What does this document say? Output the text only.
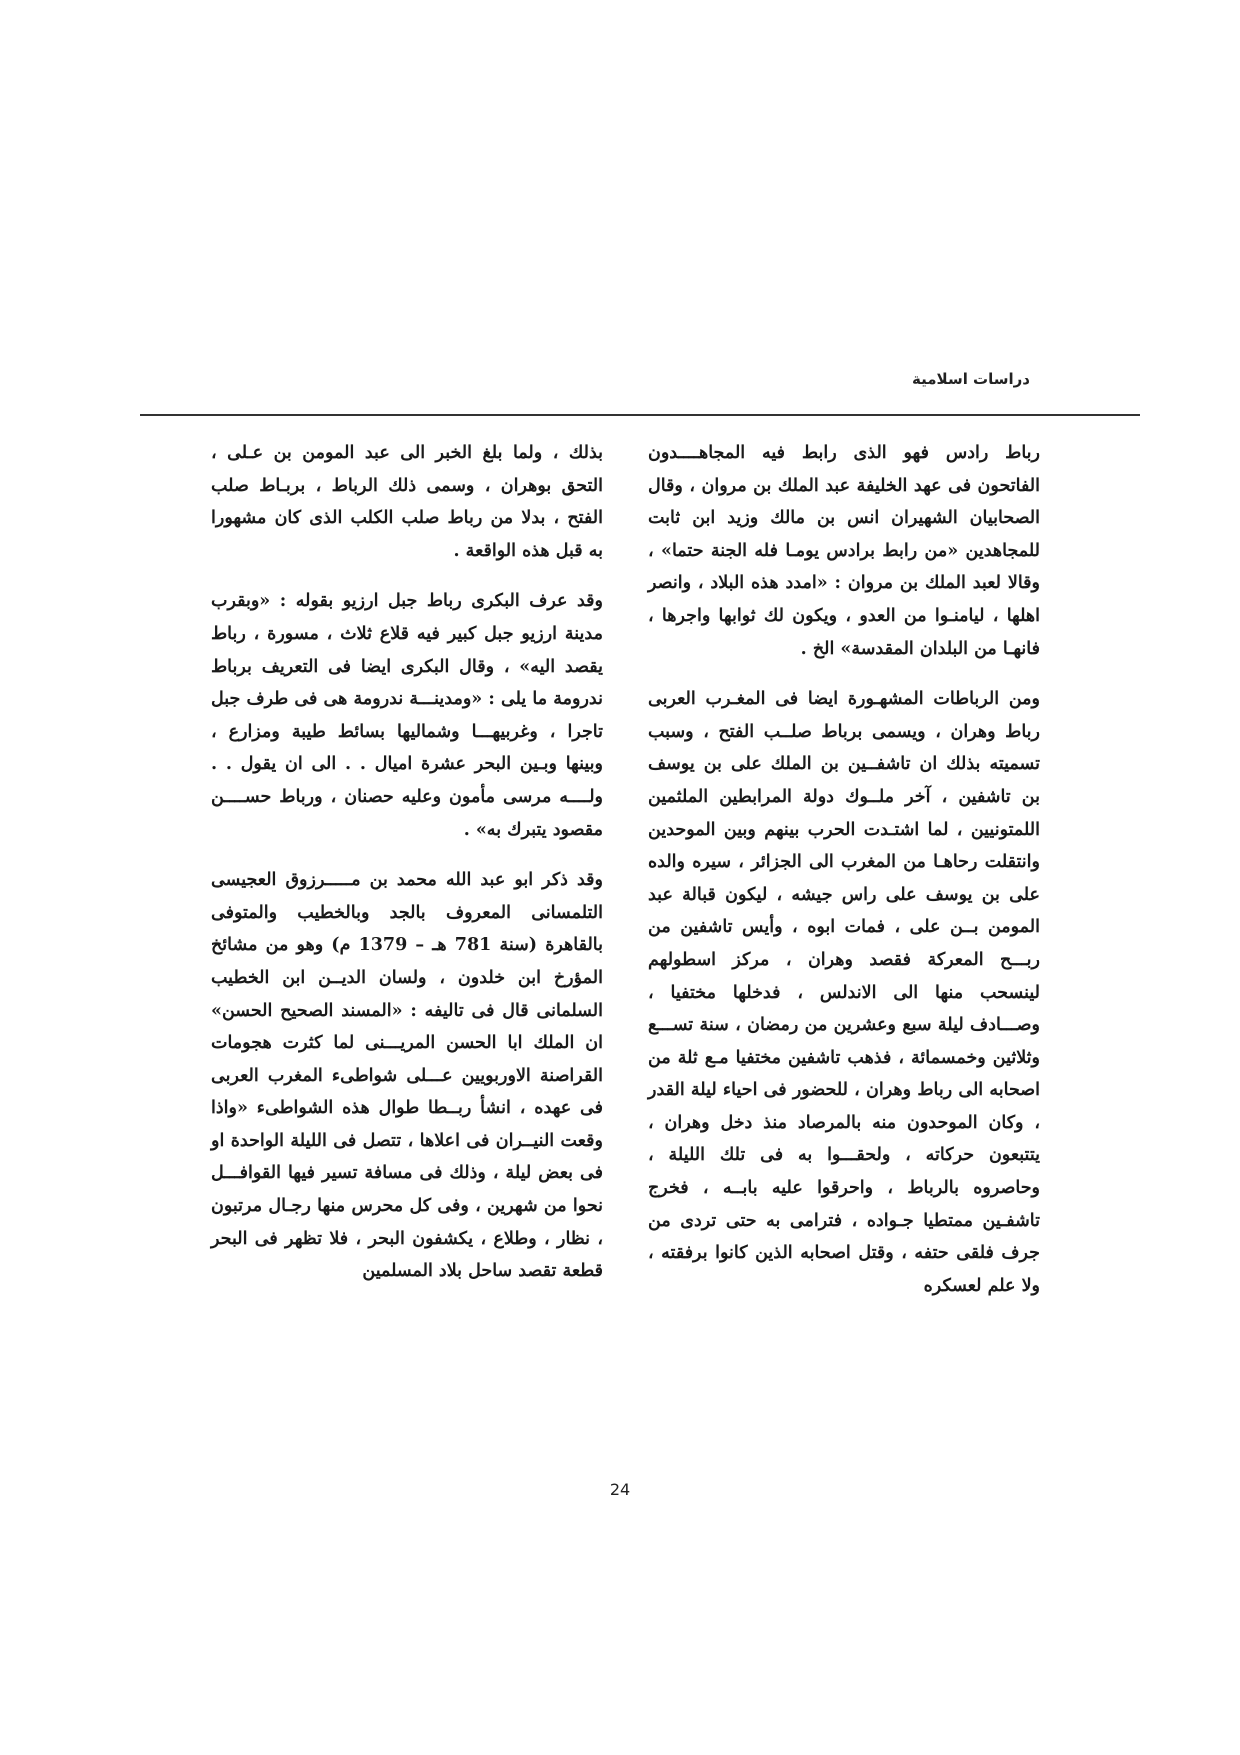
دراسات اسلامية

رباط رادس فهو الذى رابط فيه المجاهــــدون الفاتحون فى عهد الخليفة عبد الملك بن مروان ، وقال الصحابيان الشهيران انس بن مالك وزيد ابن ثابت للمجاهدين «من رابط برادس يومـا فله الجنة حتما» ، وقالا لعبد الملك بن مروان : «امدد هذه البلاد ، وانصر اهلها ، ليامنـوا من العدو ، ويكون لك ثوابها واجرها ، فانهـا من البلدان المقدسة» الخ .

ومن الرباطات المشهـورة ايضا فى المغـرب العربى رباط وهران ، ويسمى برباط صلــب الفتح ، وسبب تسميته بذلك ان تاشفــين بن الملك على بن يوسف بن تاشفين ، آخر ملــوك دولة المرابطين الملثمين اللمتونيين ، لما اشتـدت الحرب بينهم وبين الموحدين وانتقلت رحاهـا من المغرب الى الجزائر ، سيره والده على بن يوسف على راس جيشه ، ليكون قبالة عبد المومن بــن على ، فمات ابوه ، وأيس تاشفين من ربـــح المعركة فقصد وهران ، مركز اسطولهم لينسحب منها الى الاندلس ، فدخلها مختفيا ، وصـــادف ليلة سبع وعشرين من رمضان ، سنة تســـع وثلاثين وخمسمائة ، فذهب تاشفين مختفيا مـع ثلة من اصحابه الى رباط وهران ، للحضور فى احياء ليلة القدر ، وكان الموحدون منه بالمرصاد منذ دخل وهران ، يتتبعون حركاته ، ولحقـــوا به فى تلك الليلة ، وحاصروه بالرباط ، واحرقوا عليه بابــه ، فخرج تاشفـين ممتطيا جـواده ، فترامى به حتى تردى من جرف فلقى حتفه ، وقتل اصحابه الذين كانوا برفقته ، ولا علم لعسكره

بذلك ، ولما بلغ الخبر الى عبد المومن بن عـلى ، التحق بوهران ، وسمى ذلك الرباط ، بربـاط صلب الفتح ، بدلا من رباط صلب الكلب الذى كان مشهورا به قبل هذه الواقعة .

وقد عرف البكرى رباط جبل ارزيو بقوله : «وبقرب مدينة ارزيو جبل كبير فيه قلاع ثلاث ، مسورة ، رباط يقصد اليه» ، وقال البكرى ايضا فى التعريف برباط ندرومة ما يلى : «ومدينـــة ندرومة هى فى طرف جبل تاجرا ، وغربيهـــا وشماليها بسائط طيبة ومزارع ، وبينها وبـين البحر عشرة اميال . . الى ان يقول . . ولــــه مرسى مأمون وعليه حصنان ، ورباط حســــن مقصود يتبرك به» .

وقد ذكر ابو عبد الله محمد بن مـــــرزوق العجيسى التلمسانى المعروف بالجد وبالخطيب والمتوفى بالقاهرة (سنة 781 هـ – 1379 م) وهو من مشائخ المؤرخ ابن خلدون ، ولسان الديــن ابن الخطيب السلمانى قال فى تاليفه : «المسند الصحيح الحسن» ان الملك ابا الحسن المريـــنى لما كثرت هجومات القراصنة الاوربويين عـــلى شواطىء المغرب العربى فى عهده ، انشأ ربــطا طوال هذه الشواطىء «واذا وقعت النيــران فى اعلاها ، تتصل فى الليلة الواحدة او فى بعض ليلة ، وذلك فى مسافة تسير فيها القوافـــل نحوا من شهرين ، وفى كل محرس منها رجـال مرتبون ، نظار ، وطلاع ، يكشفون البحر ، فلا تظهر فى البحر قطعة تقصد ساحل بلاد المسلمين

24
